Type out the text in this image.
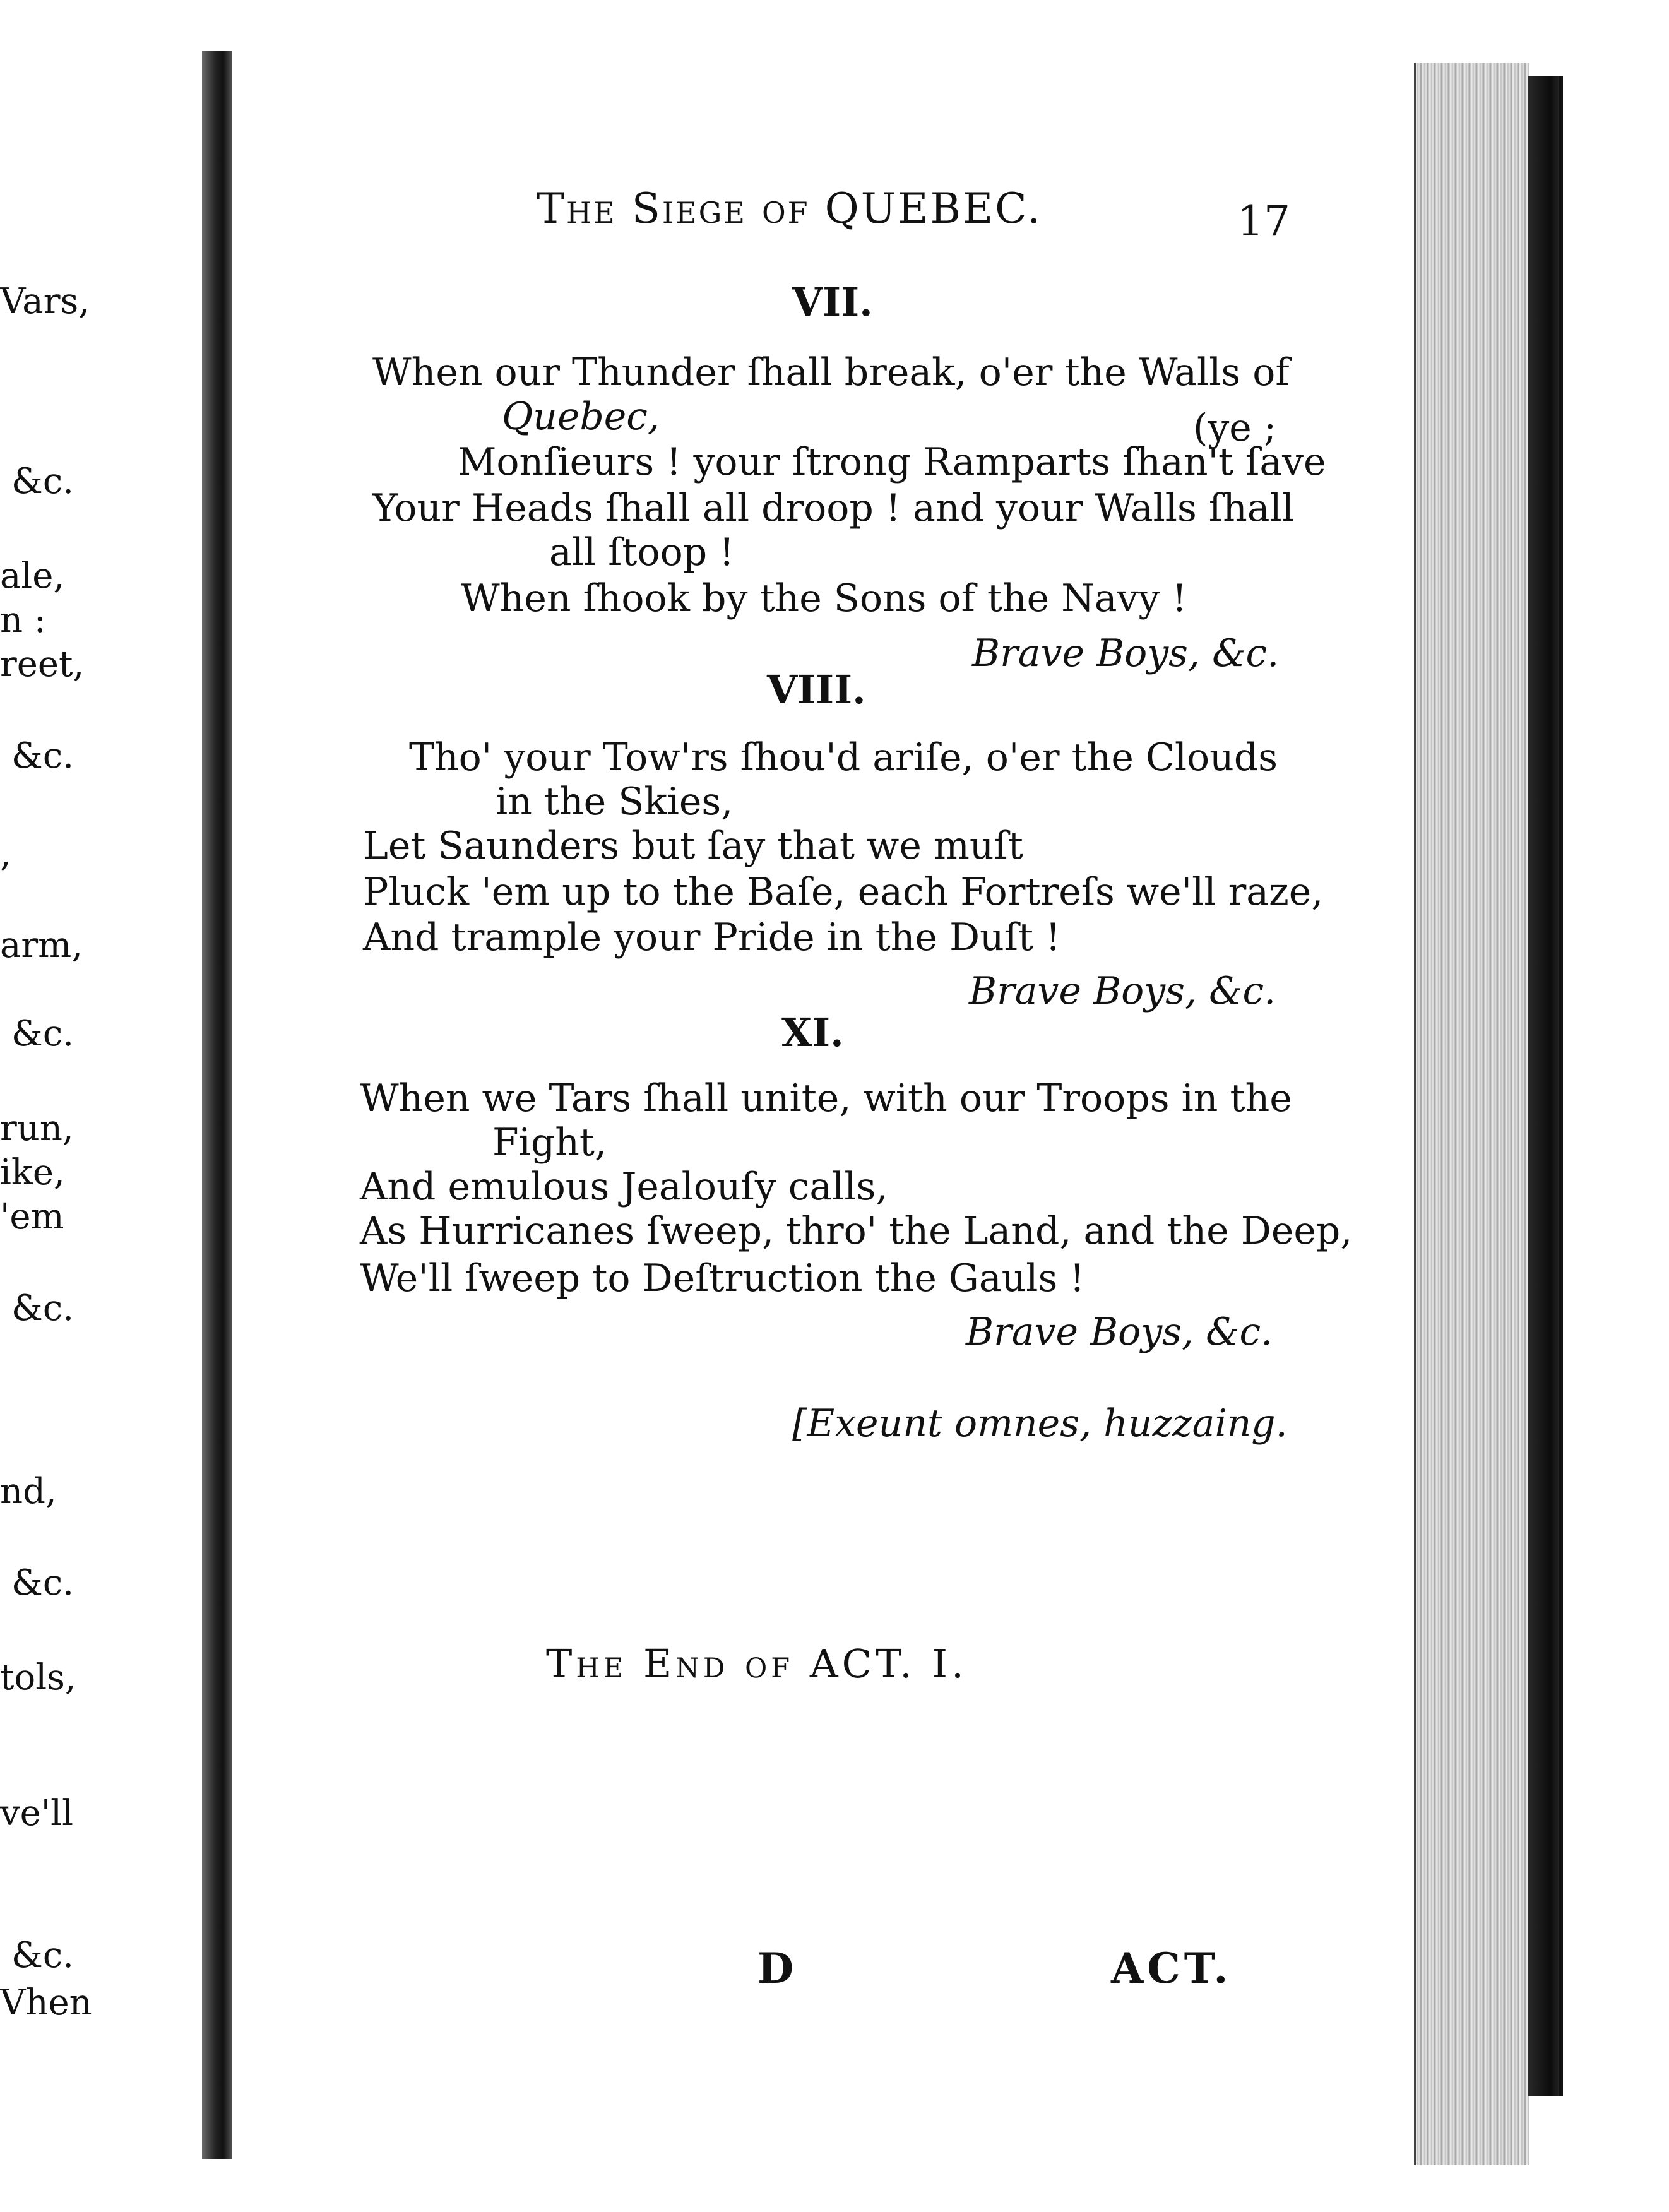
Vars,
&c.
ale,
n :
reet,
&c.
,
arm,
&c.
run,
ike,
'em
&c.
nd,
&c.
tols,
ve'll
&c.
Vhen
The Siege of QUEBEC.	17
VII.
When our Thunder ſhall break, o'er the Walls of
Quebec,	(ye ;
Monſieurs ! your ſtrong Ramparts ſhan't ſave
Your Heads ſhall all droop ! and your Walls ſhall
all ſtoop !
When ſhook by the Sons of the Navy !
Brave Boys, &c.
VIII.
Tho' your Tow'rs ſhou'd ariſe, o'er the Clouds
in the Skies,
Let Saunders but ſay that we muſt
Pluck 'em up to the Baſe, each Fortreſs we'll raze,
And trample your Pride in the Duſt !
Brave Boys, &c.
XI.
When we Tars ſhall unite, with our Troops in the
Fight,
And emulous Jealouſy calls,
As Hurricanes ſweep, thro' the Land, and the Deep,
We'll ſweep to Deſtruction the Gauls !
Brave Boys, &c.
[Exeunt omnes, huzzaing.
The End of ACT. I.
D	ACT.
